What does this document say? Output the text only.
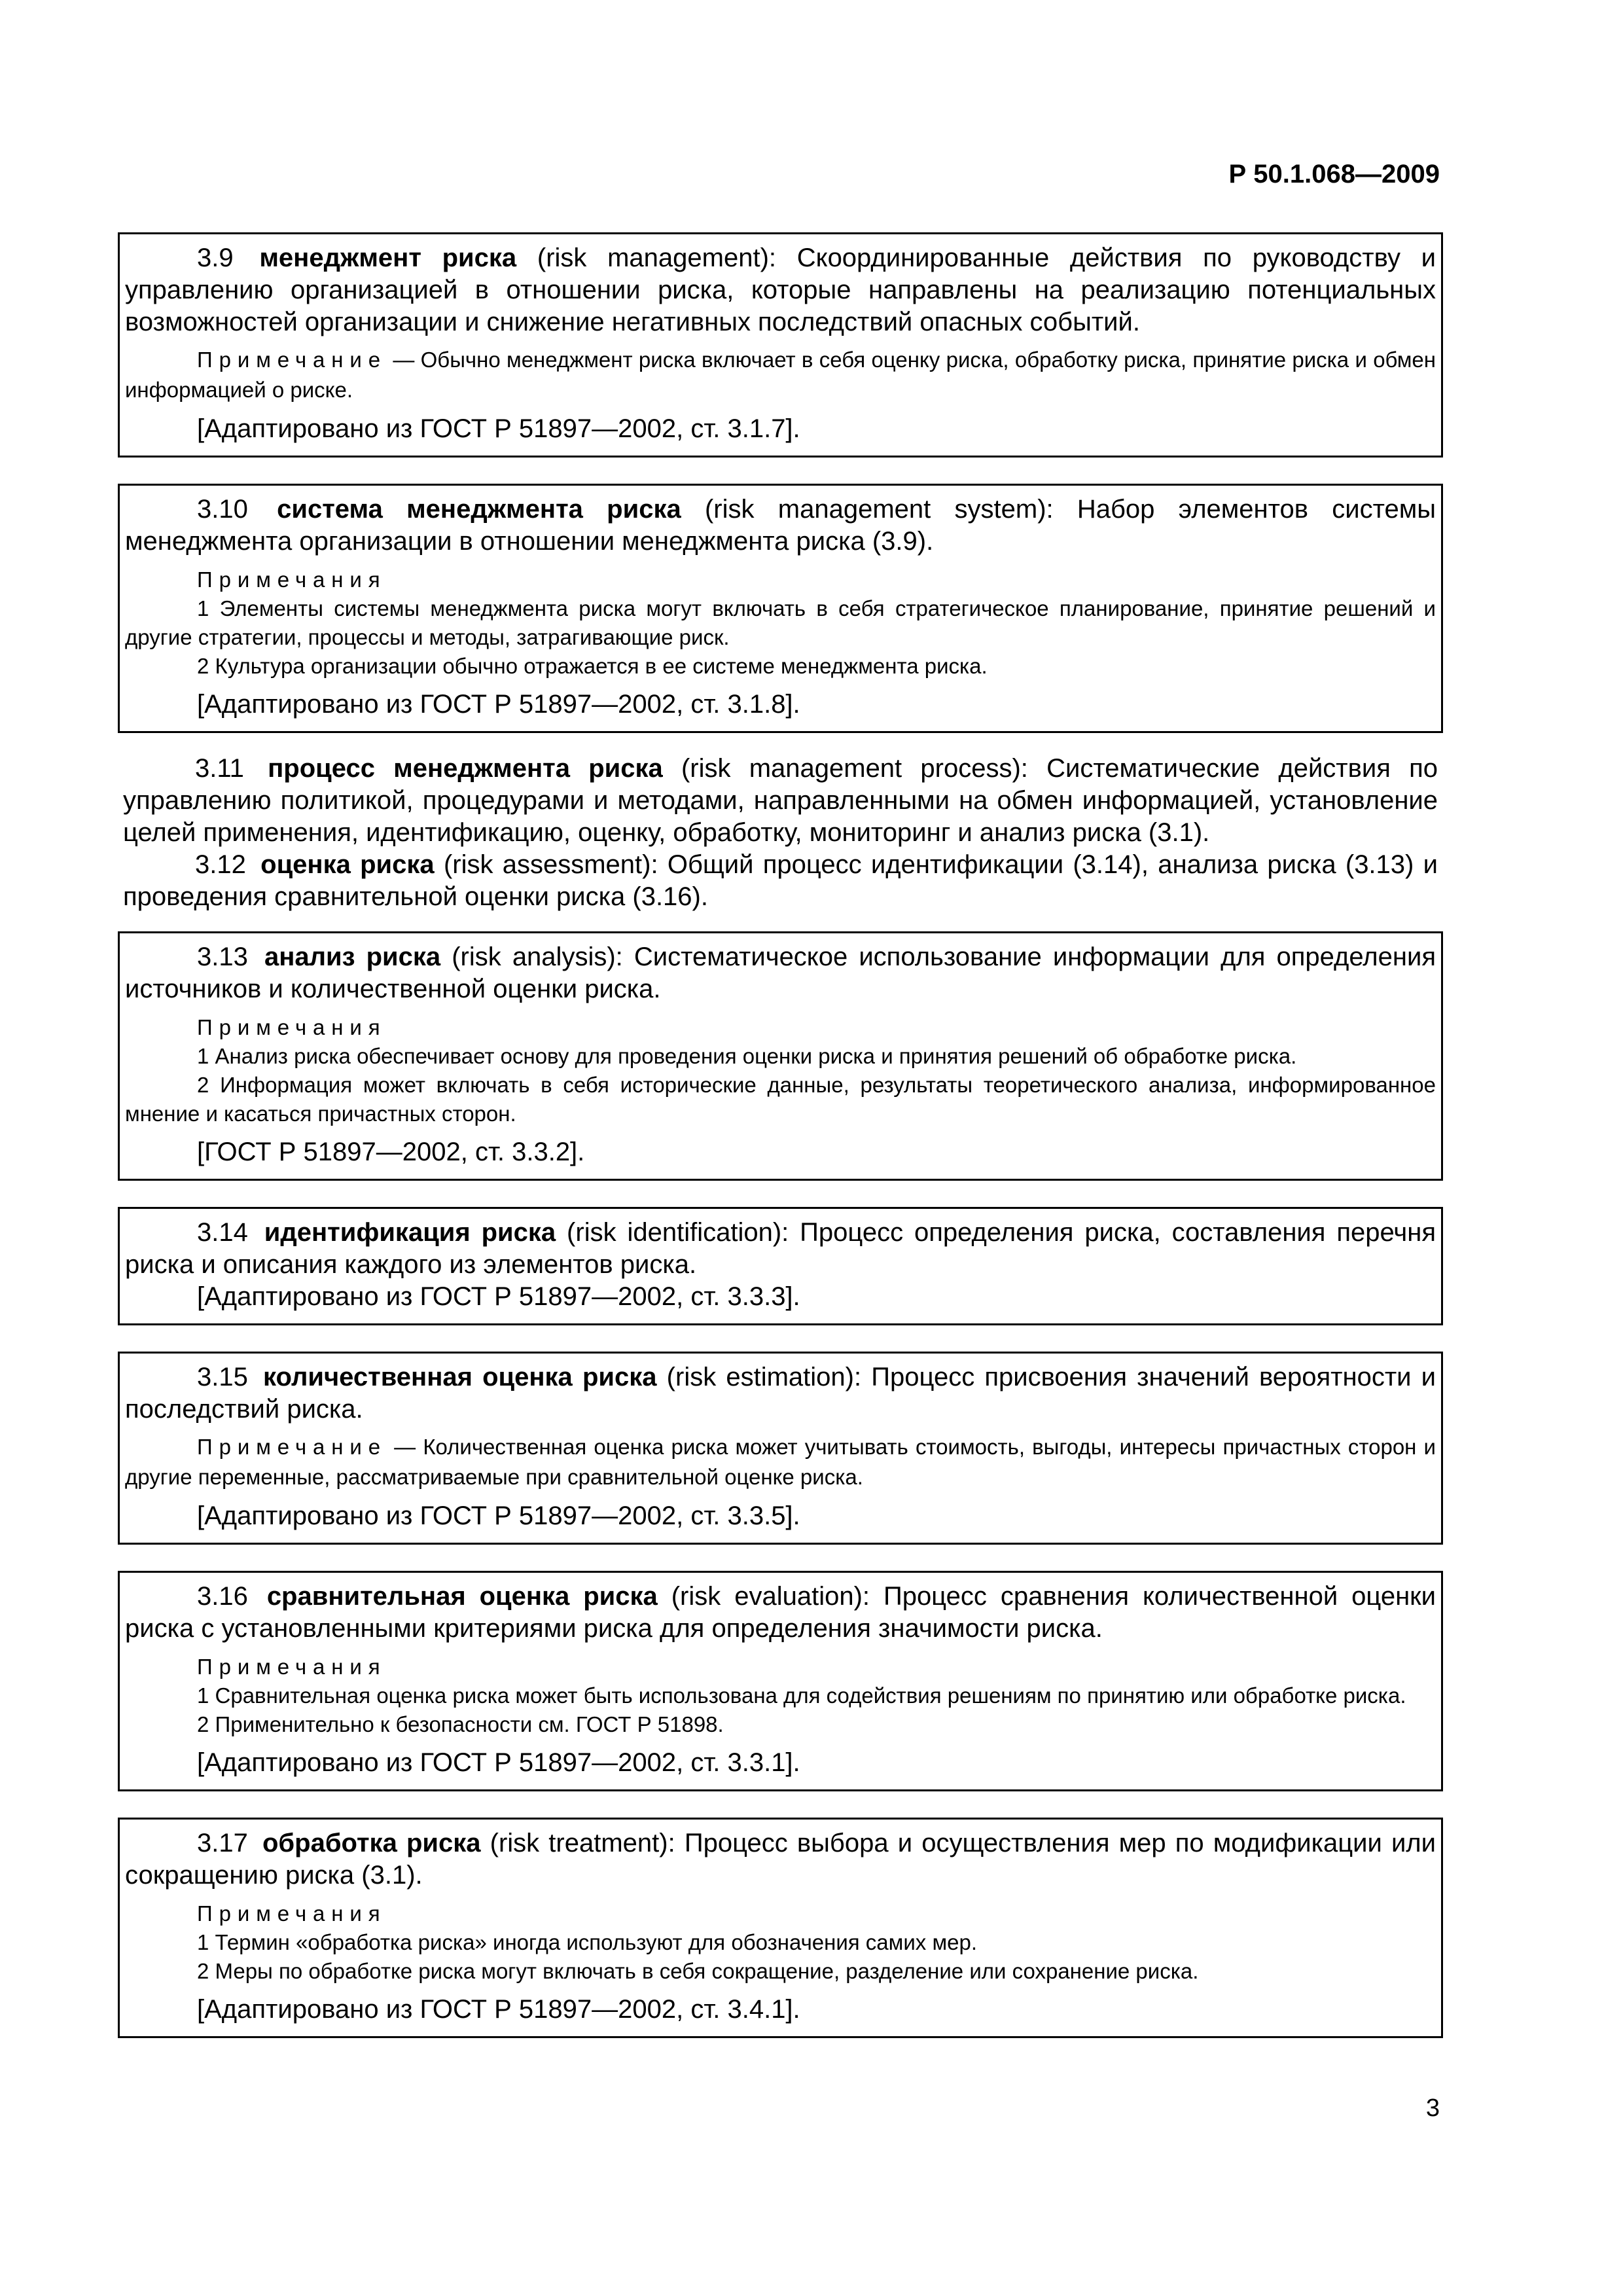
Р 50.1.068—2009

3.9 менеджмент риска (risk management): Скоординированные действия по руководству и управлению организацией в отношении риска, которые направлены на реализацию потенциальных возможностей организации и снижение негативных последствий опасных событий.

Примечание — Обычно менеджмент риска включает в себя оценку риска, обработку риска, принятие риска и обмен информацией о риске.

[Адаптировано из ГОСТ Р 51897—2002, ст. 3.1.7].

3.10 система менеджмента риска (risk management system): Набор элементов системы менеджмента организации в отношении менеджмента риска (3.9).

Примечания

1 Элементы системы менеджмента риска могут включать в себя стратегическое планирование, принятие решений и другие стратегии, процессы и методы, затрагивающие риск.

2 Культура организации обычно отражается в ее системе менеджмента риска.

[Адаптировано из ГОСТ Р 51897—2002, ст. 3.1.8].

3.11 процесс менеджмента риска (risk management process): Систематические действия по управлению политикой, процедурами и методами, направленными на обмен информацией, установление целей применения, идентификацию, оценку, обработку, мониторинг и анализ риска (3.1).

3.12 оценка риска (risk assessment): Общий процесс идентификации (3.14), анализа риска (3.13) и проведения сравнительной оценки риска (3.16).

3.13 анализ риска (risk analysis): Систематическое использование информации для определения источников и количественной оценки риска.

Примечания

1 Анализ риска обеспечивает основу для проведения оценки риска и принятия решений об обработке риска.

2 Информация может включать в себя исторические данные, результаты теоретического анализа, информированное мнение и касаться причастных сторон.

[ГОСТ Р 51897—2002, ст. 3.3.2].

3.14 идентификация риска (risk identification): Процесс определения риска, составления перечня риска и описания каждого из элементов риска.

[Адаптировано из ГОСТ Р 51897—2002, ст. 3.3.3].

3.15 количественная оценка риска (risk estimation): Процесс присвоения значений вероятности и последствий риска.

Примечание — Количественная оценка риска может учитывать стоимость, выгоды, интересы причастных сторон и другие переменные, рассматриваемые при сравнительной оценке риска.

[Адаптировано из ГОСТ Р 51897—2002, ст. 3.3.5].

3.16 сравнительная оценка риска (risk evaluation): Процесс сравнения количественной оценки риска с установленными критериями риска для определения значимости риска.

Примечания

1 Сравнительная оценка риска может быть использована для содействия решениям по принятию или обработке риска.

2 Применительно к безопасности см. ГОСТ Р 51898.

[Адаптировано из ГОСТ Р 51897—2002, ст. 3.3.1].

3.17 обработка риска (risk treatment): Процесс выбора и осуществления мер по модификации или сокращению риска (3.1).

Примечания

1 Термин «обработка риска» иногда используют для обозначения самих мер.

2 Меры по обработке риска могут включать в себя сокращение, разделение или сохранение риска.

[Адаптировано из ГОСТ Р 51897—2002, ст. 3.4.1].

3
